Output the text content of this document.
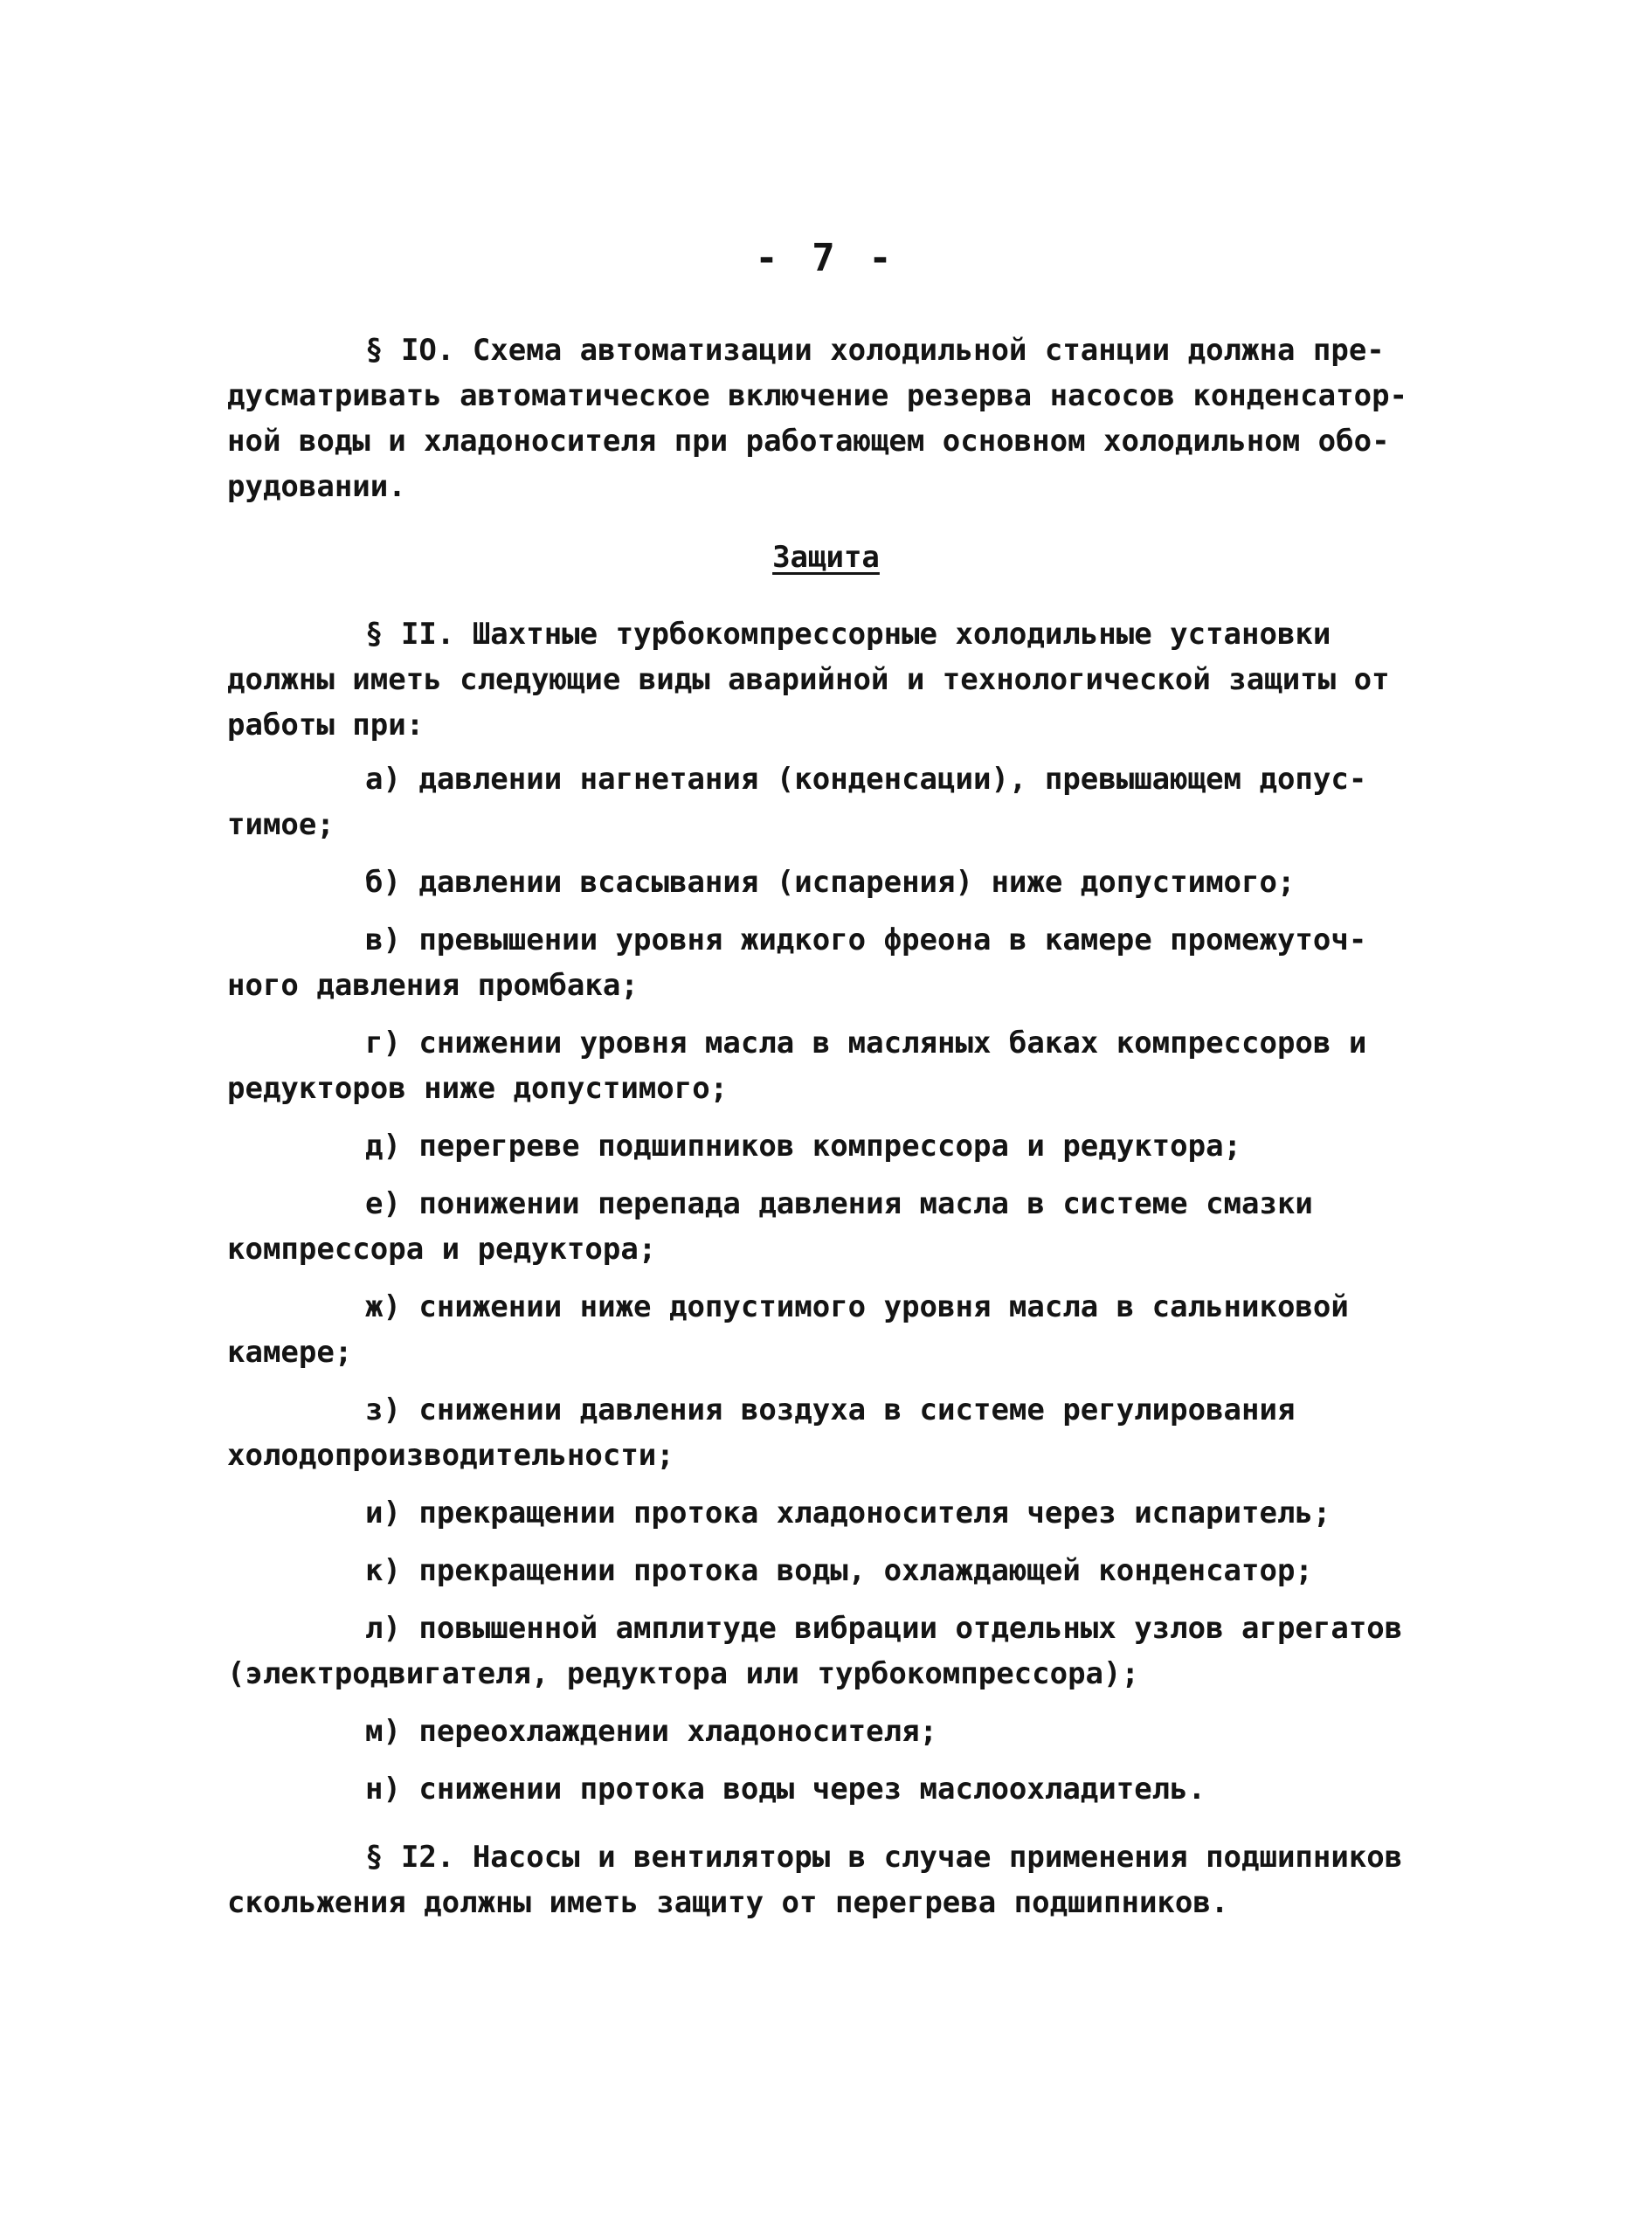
- 7 -
§ IO. Схема автоматизации холодильной станции должна пре-
дусматривать автоматическое включение резерва насосов конденсатор-
ной воды и хладоносителя при работающем основном холодильном обо-
рудовании.
Защита
§ II. Шахтные турбокомпрессорные холодильные установки
должны иметь следующие виды аварийной и технологической защиты от
работы при:
а) давлении нагнетания (конденсации), превышающем допус-
тимое;
б) давлении всасывания (испарения) ниже допустимого;
в) превышении уровня жидкого фреона в камере промежуточ-
ного давления промбака;
г) снижении уровня масла в масляных баках компрессоров и
редукторов ниже допустимого;
д) перегреве подшипников компрессора и редуктора;
е) понижении перепада давления масла в системе смазки
компрессора и редуктора;
ж) снижении ниже допустимого уровня масла в сальниковой
камере;
з) снижении давления воздуха в системе регулирования
холодопроизводительности;
и) прекращении протока хладоносителя через испаритель;
к) прекращении протока воды, охлаждающей конденсатор;
л) повышенной амплитуде вибрации отдельных узлов агрегатов
(электродвигателя, редуктора или турбокомпрессора);
м) переохлаждении хладоносителя;
н) снижении протока воды через маслоохладитель.
§ I2. Насосы и вентиляторы в случае применения подшипников
скольжения должны иметь защиту от перегрева подшипников.
